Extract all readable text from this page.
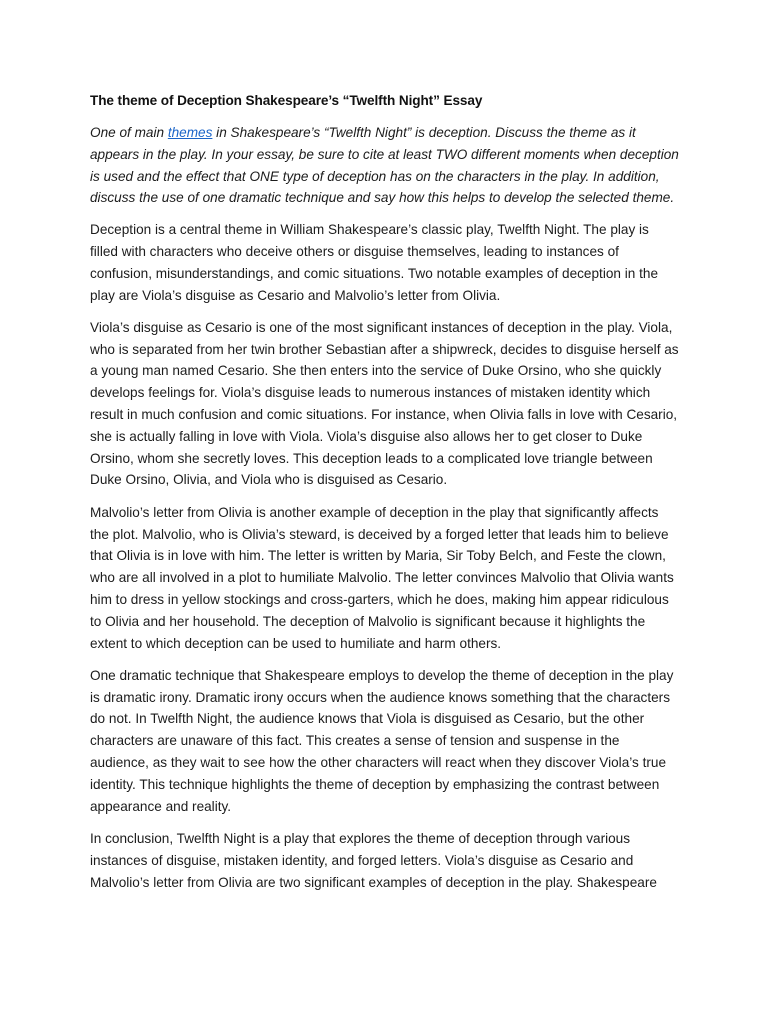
The theme of Deception Shakespeare’s “Twelfth Night” Essay

One of main themes in Shakespeare’s “Twelfth Night” is deception. Discuss the theme as it appears in the play. In your essay, be sure to cite at least TWO different moments when deception is used and the effect that ONE type of deception has on the characters in the play. In addition, discuss the use of one dramatic technique and say how this helps to develop the selected theme.

Deception is a central theme in William Shakespeare’s classic play, Twelfth Night. The play is filled with characters who deceive others or disguise themselves, leading to instances of confusion, misunderstandings, and comic situations. Two notable examples of deception in the play are Viola’s disguise as Cesario and Malvolio’s letter from Olivia.

Viola’s disguise as Cesario is one of the most significant instances of deception in the play. Viola, who is separated from her twin brother Sebastian after a shipwreck, decides to disguise herself as a young man named Cesario. She then enters into the service of Duke Orsino, who she quickly develops feelings for. Viola’s disguise leads to numerous instances of mistaken identity which result in much confusion and comic situations. For instance, when Olivia falls in love with Cesario, she is actually falling in love with Viola. Viola’s disguise also allows her to get closer to Duke Orsino, whom she secretly loves. This deception leads to a complicated love triangle between Duke Orsino, Olivia, and Viola who is disguised as Cesario.

Malvolio’s letter from Olivia is another example of deception in the play that significantly affects the plot. Malvolio, who is Olivia’s steward, is deceived by a forged letter that leads him to believe that Olivia is in love with him. The letter is written by Maria, Sir Toby Belch, and Feste the clown, who are all involved in a plot to humiliate Malvolio. The letter convinces Malvolio that Olivia wants him to dress in yellow stockings and cross-garters, which he does, making him appear ridiculous to Olivia and her household. The deception of Malvolio is significant because it highlights the extent to which deception can be used to humiliate and harm others.

One dramatic technique that Shakespeare employs to develop the theme of deception in the play is dramatic irony. Dramatic irony occurs when the audience knows something that the characters do not. In Twelfth Night, the audience knows that Viola is disguised as Cesario, but the other characters are unaware of this fact. This creates a sense of tension and suspense in the audience, as they wait to see how the other characters will react when they discover Viola’s true identity. This technique highlights the theme of deception by emphasizing the contrast between appearance and reality.

In conclusion, Twelfth Night is a play that explores the theme of deception through various instances of disguise, mistaken identity, and forged letters. Viola’s disguise as Cesario and Malvolio’s letter from Olivia are two significant examples of deception in the play. Shakespeare
